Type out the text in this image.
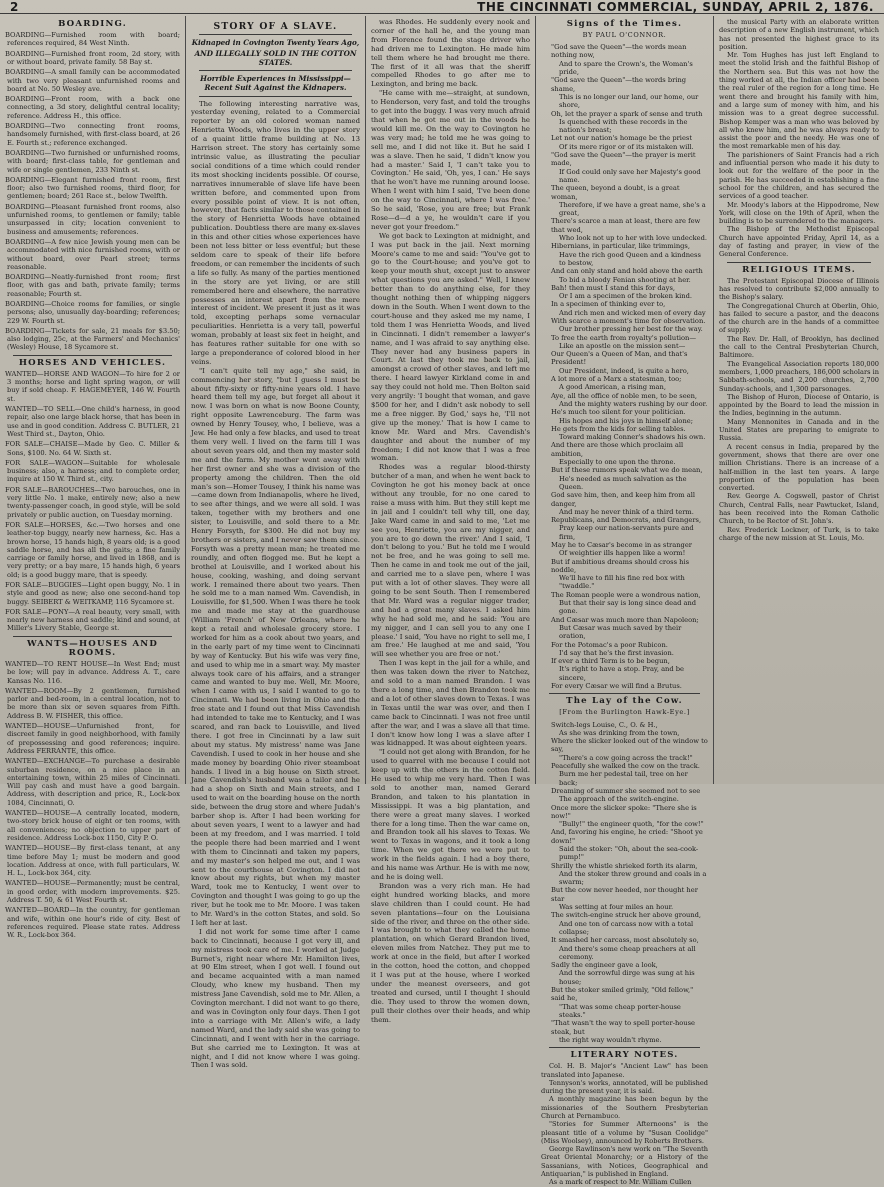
2	THE CINCINNATI COMMERCIAL, SUNDAY, APRIL 2, 1876.
BOARDING.

BOARDING—Furnished room with board; references required, 84 West Ninth.

BOARDING—Furnished front room, 2d story, with or without board, private family. 58 Bay st.

BOARDING—A small family can be accommodated with two very pleasant unfurnished rooms and board at No. 50 Wesley ave.

BOARDING—Front room, with a back one connecting, a 3d story, delightful central locality; reference. Address H., this office.

BOARDING—Two connecting front rooms, handsomely furnished, with first-class board, at 26 E. Fourth st.; reference exchanged.

BOARDING—Two furnished or unfurnished rooms, with board; first-class table, for gentleman and wife or single gentlemen, 233 Ninth st.

BOARDING—Elegant furnished front room, first floor; also two furnished rooms, third floor, for gentlemen; board; 261 Race st., below Twelfth.

BOARDING—Pleasant furnished front rooms, also unfurnished rooms, to gentlemen or family; table unsurpassed in city; location convenient to business and amusements; references.

BOARDING—A few nice Jewish young men can be accommodated with nice furnished rooms, with or without board, over Pearl street; terms reasonable.

BOARDING—Neatly-furnished front room; first floor, with gas and bath, private family; terms reasonable; Fourth st.

BOARDING—Choice rooms for families, or single persons; also, unusually day-boarding; references; 229 W. Fourth st.

BOARDING—Tickets for sale, 21 meals for $3.50; also lodging, 25c, at the Farmers' and Mechanics' (Wesley) House, 18 Sycamore st.

HORSES AND VEHICLES.

WANTED—HORSE AND WAGON—To hire for 2 or 3 months; horse and light spring wagon, or will buy if sold cheap. F. HAGEMEYER, 146 W. Fourth st.

WANTED—TO SELL—One child's harness, in good repair, also one large black horse, that has been in use and in good condition. Address C. BUTLER, 21 West Third st., Dayton, Ohio.

FOR SALE—CHAISE—Made by Geo. C. Miller & Sons, $100. No. 64 W. Sixth st.

FOR SALE—WAGON—Suitable for wholesale business; also, a harness; and to complete order, inquire at 150 W. Third st., city.

FOR SALE—BAROUCHES—Two barouches, one in very little No. 1 make, entirely new; also a new twenty-passenger coach, in good style, will be sold privately or public auction, on Tuesday morning.

FOR SALE—HORSES, &c.—Two horses and one leather-top buggy, nearly new harness, &c. Has a brown horse, 15 hands high, 8 years old; is a good saddle horse, and has all the gaits; a fine family carriage or family horse, and lived in 1868, and is very pretty; or a bay mare, 15 hands high, 6 years old; is a good buggy mare, that is speedy.

FOR SALE—BUGGIES—Light open buggy, No. 1 in style and good as new; also one second-hand top buggy. SEIBERT & WEITKAMP, 116 Sycamore st.

FOR SALE—PONY—A real beauty, very small, with nearly new harness and saddle; kind and sound, at Miller's Livery Stable, George st.

WANTS—HOUSES AND ROOMS.

WANTED—TO RENT HOUSE—In West End; must be low; will pay in advance. Address A. T., care Kansas No. 116.

WANTED—ROOM—By 2 gentlemen, furnished parlor and bed-room, in a central location, not to be more than six or seven squares from Fifth. Address B. W. FISHER, this office.

WANTED—HOUSE—Unfurnished front, for discreet family in good neighborhood, with family of prepossessing and good references; inquire. Address FERRANTE, this office.

WANTED—EXCHANGE—To purchase a desirable suburban residence, on a nice place in an entertaining town, within 25 miles of Cincinnati. Will pay cash and must have a good bargain. Address, with description and price, R., Lock-box 1084, Cincinnati, O.

WANTED—HOUSE—A centrally located, modern, two-story brick house of eight or ten rooms, with all conveniences; no objection to upper part of residence. Address Lock-box 1150, City P. O.

WANTED—HOUSE—By first-class tenant, at any time before May 1; must be modern and good location. Address at once, with full particulars, W. H. L., Lock-box 364, city.

WANTED—HOUSE—Permanently; must be central, in good order, with modern improvements. $25. Address T. 50, & 61 West Fourth st.

WANTED—BOARD—In the country, for gentleman and wife, within one hour's ride of city. Best of references required. Please state rates. Address W. R., Lock-box 364.

STORY OF A SLAVE.
Kidnaped in Covington Twenty Years Ago,
AND ILLEGALLY SOLD IN THE COTTON STATES.
Horrible Experiences in Mississippi—Recent Suit Against the Kidnapers.

The following interesting narrative was, yesterday evening, related to a Commercial reporter by an old colored woman named Henrietta Woods, who lives in the upper story of a quaint little frame building at No. 13 Harrison street. The story has certainly some intrinsic value, as illustrating the peculiar social conditions of a time which could render its most shocking incidents possible. Of course, narratives innumerable of slave life have been written before, and commented upon from every possible point of view. It is not often, however, that facts similar to those contained in the story of Henrietta Woods have obtained publication. Doubtless there are many ex-slaves in this and other cities whose experiences have been not less bitter or less eventful; but these seldom care to speak of their life before freedom, or can remember the incidents of such a life so fully. As many of the parties mentioned in the story are yet living, or are still remembered here and elsewhere, the narrative possesses an interest apart from the mere interest of incident. We present it just as it was told, excepting perhaps some vernacular peculiarities. Henrietta is a very tall, powerful woman, probably at least six feet in height, and has features rather suitable for one with so large a preponderance of colored blood in her veins.

"I can't quite tell my age," she said, in commencing her story, "but I guess I must be about fifty-sixty or fifty-nine years old. I have heard them tell my age, but forget all about it now. I was born on what is now Boone County, right opposite Lawrenceburg. The farm was owned by Henry Tousey, who, I believe, was a Jew. He had only a few blacks, and used to treat them very well. I lived on the farm till I was about seven years old, and then my master sold me and the farm. My mother went away with her first owner and she was a division of the property among the children. Then the old man's son—Homer Tousey, I think his name was—came down from Indianapolis, where he lived, to see after things, and we were all sold. I was taken, together with my brothers and one sister, to Louisville, and sold there to a Mr. Henry Forsyth, for $300. He did not buy my brothers or sisters, and I never saw them since. Forsyth was a pretty mean man; he treated me roundly, and often flogged me. But he kept a brothel at Louisville, and I worked about his house, cooking, washing, and doing servant work. I remained there about two years. Then he sold me to a man named Wm. Cavendish, in Louisville, for $1,500. When I was there he took me and made me stay at the guardhouse (William 'French' of New Orleans, where he kept a retail and wholesale grocery store. I worked for him as a cook about two years, and in the early part of my time went to Cincinnati by way of Kentucky. But his wife was very fine, and used to whip me in a smart way. My master always took care of his affairs, and a stranger came and wanted to buy me. Well, Mr. Moore, when I came with us, I said I wanted to go to Cincinnati. We had been living in Ohio and the free state and I found out that Miss Cavendish had intended to take me to Kentucky, and I was scared, and ran back to Louisville, and lived there. I got free in Cincinnati by a law suit about my status. My mistress' name was Jane Cavendish. I used to cook in her house and she made money by boarding Ohio river steamboat hands. I lived in a big house on Sixth street. Jane Cavendish's husband was a tailor and he had a shop on Sixth and Main streets, and I used to wait on the boarding house on the north side, between the drug store and where Judah's barber shop is. After I had been working for about seven years, I went to a lawyer and had been at my freedom, and I was married. I told the people there had been married and I went with them to Cincinnati and taken my papers, and my master's son helped me out, and I was sent to the courthouse at Covington. I did not know about my rights, but when my master Ward, took me to Kentucky, I went over to Covington and thought I was going to go up the river, but he took me to Mr. Moore. I was taken to Mr. Ward's in the cotton States, and sold. So I left her at last.

I did not work for some time after I came back to Cincinnati, because I got very ill, and my mistress took care of me. I worked at Judge Burnet's, right near where Mr. Hamilton lives, at 90 Elm street, when I got well. I found out and became acquainted with a man named Cloudy, who knew my husband. Then my mistress Jane Cavendish, sold me to Mr. Allen, a Covington merchant. I did not want to go there, and was in Covington only four days. Then I got into a carriage with Mr. Allen's wife, a lady named Ward, and the lady said she was going to Cincinnati, and I went with her in the carriage. But she carried me to Lexington. It was at night, and I did not know where I was going. Then I was sold.

was Rhodes. He suddenly every nook and corner of the hall he, and the young man from Florence found the stage driver who had driven me to Lexington. He made him tell them where he had brought me there. The first of it all was that the sheriff compelled Rhodes to go after me to Lexington, and bring me back.

"He came with me—straight, at sundown, to Henderson, very fast, and told the troughs to get into the buggy. I was very much afraid that when he got me out in the woods he would kill me. On the way to Covington he was very mad; he told me he was going to sell me, and I did not like it. But he said I was a slave. Then he said, 'I didn't know you had a master.' Said I, 'I can't take you to Covington.' He said, 'Oh, yes, I can.' He says that he won't have me running around loose. When I went with him I said, 'I've been done on the way to Cincinnati, where I was free.' So he said, 'Rose, you are free; but Frank Rose—d—d a ye, he wouldn't care if you never got your freedom."

We got back to Lexington at midnight, and I was put back in the jail. Next morning Moore's came to me and said: "You've got to go to the Court-house; and you've got to keep your mouth shut, except just to answer what questions you are asked." Well, I knew better than to do anything else, for they thought nothing then of whipping niggers down in the South. When I went down to the court-house and they asked me my name, I told them I was Henrietta Woods, and lived in Cincinnati. I didn't remember a lawyer's name, and I was afraid to say anything else. They never had any business papers in Court. At last they took me back to jail, amongst a crowd of other slaves, and left me there. I heard lawyer Kirkland come in and say they could not hold me. Then Bolton said very angrily: 'I bought that woman, and gave $500 for her, and I didn't ask nobody to sell me a free nigger. By God,' says he, 'I'll not give up the money.' That is how I came to know Mr. Ward and Mrs. Cavendish's daughter and about the number of my freedom; I did not know that I was a free woman.

Rhodes was a regular blood-thirsty butcher of a man, and when he went back to Covington he got his money back at once without any trouble, for no one cared to raise a muss with him. But they still kept me in jail and I couldn't tell why till, one day, Jake Ward came in and said to me, 'Let me see you, Henriette, you are my nigger, and you are to go down the river.' And I said, 'I don't belong to you.' But he told me I would not be free, and he was going to sell me. Then he came in and took me out of the jail, and carried me to a slave pen, where I was put with a lot of other slaves. They were all going to be sent South. Then I remembered that Mr. Ward was a regular nigger trader, and had a great many slaves. I asked him why he had sold me, and he said: 'You are my nigger, and I can sell you to any one I please.' I said, 'You have no right to sell me, I am free.' He laughed at me and said, 'You will see whether you are free or not.'

Then I was kept in the jail for a while, and then was taken down the river to Natchez, and sold to a man named Brandon. I was there a long time, and then Brandon took me and a lot of other slaves down to Texas. I was in Texas until the war was over, and then I came back to Cincinnati. I was not free until after the war, and I was a slave all that time. I don't know how long I was a slave after I was kidnapped. It was about eighteen years.

"I could not get along with Brandon, for he used to quarrel with me because I could not keep up with the others in the cotton field. He used to whip me very hard. Then I was sold to another man, named Gerard Brandon, and taken to his plantation in Mississippi. It was a big plantation, and there were a great many slaves. I worked there for a long time. Then the war came on, and Brandon took all his slaves to Texas. We went to Texas in wagons, and it took a long time. When we got there we were put to work in the fields again. I had a boy there, and his name was Arthur. He is with me now, and he is doing well.

Brandon was a very rich man. He had eight hundred working blacks, and more slave children than I could count. He had seven plantations—four on the Louisiana side of the river, and three on the other side. I was brought to what they called the home plantation, on which Gerard Brandon lived, eleven miles from Natchez. They put me to work at once in the field, but after I worked in the cotton, hoed the cotton, and chopped it I was put at the house, where I worked under the meanest overseers, and got treated and cursed, until I thought I should die. They used to throw the women down, pull their clothes over their heads, and whip them.

Signs of the Times.
BY PAUL O'CONNOR.
"God save the Queen"—the words mean nothing now,
And to spare the Crown's, the Woman's pride,
"God save the Queen"—the words bring shame,
This is no longer our land, our home, our shore,
Oh, let the prayer a spark of sense and truth
Is quenched with these records in the nation's breast;
Let not our nation's homage be the priest
Of its mere rigor or of its mistaken will.
"God save the Queen"—the prayer is merit made,
If God could only save her Majesty's good name.
The queen, beyond a doubt, is a great woman,
Therefore, if we have a great name, she's a great,
There's scarce a man at least, there are few that wed,
Who look not up to her with love undecked.
Hibernians, in particular, like trimmings,
Have the rich good Queen and a kindness to bestow,
And can only stand and hold above the earth
To bid a bloody Fenian shooting at her.
Bah! then must I stand this for days,
Or I am a specimen of the broken kind.
In a specimen of thinking ever to,
And rich men and wicked men of every day
With scarce a moment's time for observation.
Our brother pressing her best for the way.
To free the earth from royalty's pollution—
Like an apostle on the mission sent—
Our Queen's a Queen of Man, and that's President!
Our President, indeed, is quite a hero,
A lot more of a Marx a statesman, too;
A good American, a rising man,
Aye, all the office of noble men, to be seen,
And the mighty waters rushing by our door.
He's much too silent for your politician.
His hopes and his joys in himself alone;
He gets from the kids for selling tables.
Toward making Conner's shadows his own.
And there are those which proclaim all ambition,
Especially to one upon the throne.
But if these rumors speak what we do mean,
He's needed as much salvation as the Queen.
God save him, then, and keep him from all danger,
And may he never think of a third term.
Republicans, and Democrats, and Grangers,
Pray keep our nation-servants pure and firm,
May he to Cæsar's become in as stranger
Of weightier ills happen like a worm!
But if ambitious dreams should cross his noddle,
We'll have to fill his fine red box with "twaddle."
The Roman people were a wondrous nation,
But that their say is long since dead and gone.
And Cæsar was much more than Napoleon;
But Cæsar was much saved by their oration,
For the Potomac's a poor Rubicon.
I'd say that he's the first invasion.
If ever a third Term is to be begun,
It's right to have a stop. Pray, and be sincere,
For every Cæsar we will find a Brutus.
The Lay of the Cow.
[From the Burlington Hawk-Eye.]
Switch-legs Louise, C., O. & H.,
As she was drinking from the town,
Where the slicker looked out of the window to say,
"There's a cow going across the track!"
Peacefully she walked the cow on the track.
Burn me her pedestal tail, tree on her back;
Dreaming of summer she seemed not to see
The approach of the switch-engine.
Once more the slicker spoke: "There she is now!"
"Bully!" the engineer quoth, "for the cow!"
And, favoring his engine, he cried: "Shoot ye down!"
Said the stoker: "Oh, about the sea-cook-pump!"
Shrilly the whistle shrieked forth its alarm,
And the stoker threw ground and coals in a swarm;
But the cow never heeded, nor thought her star
Was setting at four miles an hour.
The switch-engine struck her above ground,
And one ton of carcass now with a total collapse;
It smashed her carcass, most absolutely so,
And there's some cheap preachers at all ceremony.
Sadly the engineer gave a look,
And the sorrowful dirge was sung at his house;
But the stoker smiled grimly, "Old fellow," said he,
"That was some cheap porter-house steaks."
"That wasn't the way to spell porter-house steak, but
the right way wouldn't rhyme.
LITERARY NOTES.

Col. H. B. Major's "Ancient Law" has been translated into Japanese.

Tennyson's works, annotated, will be published during the present year, it is said.

A monthly magazine has been begun by the missionaries of the Southern Presbyterian Church at Pernambuco.

"Stories for Summer Afternoons" is the pleasant title of a volume by "Susan Coolidge" (Miss Woolsey), announced by Roberts Brothers.

George Rawlinson's new work on "The Seventh Great Oriental Monarchy; or a History of the Sassanians, with Notices, Geographical and Antiquarian," is published in England.

As a mark of respect to Mr. William Cullen

the musical Party with an elaborate written description of a new English instrument, which has not presented the highest grace to its position.

Mr. Tom Hughes has just left England to meet the stolid Irish and the faithful Bishop of the Northern sea. But this was not how the thing worked at all, the Indian officer had been the real ruler of the region for a long time. He went there and brought his family with him, and a large sum of money with him, and his mission was to a great degree successful. Bishop Kemper was a man who was beloved by all who knew him, and he was always ready to assist the poor and the needy. He was one of the most remarkable men of his day.

The parishioners of Saint Francis had a rich and influential person who made it his duty to look out for the welfare of the poor in the parish. He has succeeded in establishing a fine school for the children, and has secured the services of a good teacher.

Mr. Moody's labors at the Hippodrome, New York, will close on the 19th of April, when the building is to be surrendered to the managers.

The Bishop of the Methodist Episcopal Church have appointed Friday, April 14, as a day of fasting and prayer, in view of the General Conference.

RELIGIOUS ITEMS.

The Protestant Episcopal Diocese of Illinois has resolved to contribute $2,000 annually to the Bishop's salary.

The Congregational Church at Oberlin, Ohio, has failed to secure a pastor, and the deacons of the church are in the hands of a committee of supply.

The Rev. Dr. Hall, of Brooklyn, has declined the call to the Central Presbyterian Church, Baltimore.

The Evangelical Association reports 180,000 members, 1,000 preachers, 186,000 scholars in Sabbath-schools, and 2,200 churches, 2,700 Sunday-schools, and 1,300 parsonages.

The Bishop of Huron, Diocese of Ontario, is appointed by the Board to lead the mission in the Indies, beginning in the autumn.

Many Mennonites in Canada and in the United States are preparing to emigrate to Russia.

A recent census in India, prepared by the government, shows that there are over one million Christians. There is an increase of a half-million in the last ten years. A large proportion of the population has been converted.

Rev. George A. Cogswell, pastor of Christ Church, Central Falls, near Pawtucket, Island, has been received into the Roman Catholic Church, to be Rector of St. John's.

Rev. Frederick Lockner, of Turk, is to take charge of the new mission at St. Louis, Mo.
